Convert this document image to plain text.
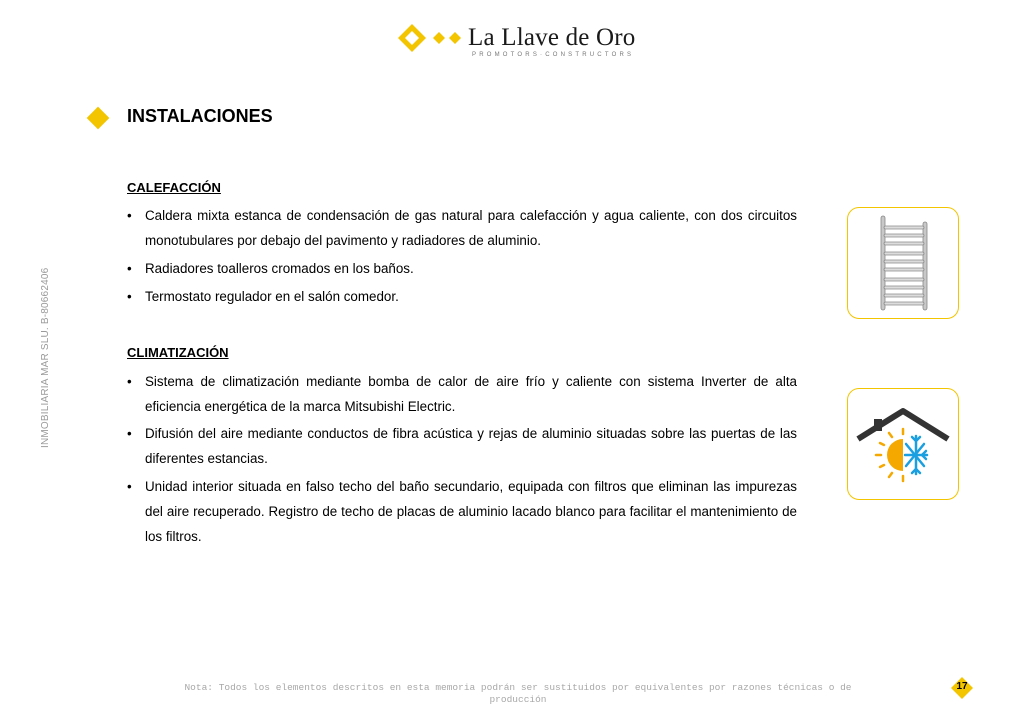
La Llave de Oro
PROMOTORS·CONSTRUCTORS
INSTALACIONES
INMOBILIARIA MAR SLU. B-80662406
CALEFACCIÓN
• Caldera mixta estanca de condensación de gas natural para calefacción y agua caliente, con dos circuitos monotubulares por debajo del pavimento y radiadores de aluminio.
• Radiadores toalleros cromados en los baños.
• Termostato regulador en el salón comedor.
CLIMATIZACIÓN
• Sistema de climatización mediante bomba de calor de aire frío y caliente con sistema Inverter de alta eficiencia energética de la marca Mitsubishi Electric.
• Difusión del aire mediante conductos de fibra acústica y rejas de aluminio situadas sobre las puertas de las diferentes estancias.
• Unidad interior situada en falso techo del baño secundario, equipada con filtros que eliminan las impurezas del aire recuperado. Registro de techo de placas de aluminio lacado blanco para facilitar el mantenimiento de los filtros.
Nota: Todos los elementos descritos en esta memoria podrán ser sustituidos por equivalentes por razones técnicas o de producción
17
